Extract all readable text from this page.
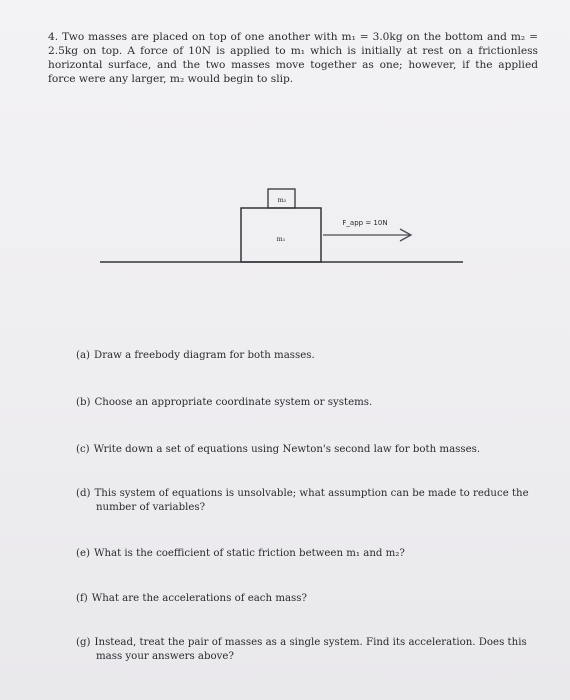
4. Two masses are placed on top of one another with m₁ = 3.0kg on the bottom and m₂ = 2.5kg on top. A force of 10N is applied to m₁ which is initially at rest on a frictionless horizontal surface, and the two masses move together as one; however, if the applied force were any larger, m₂ would begin to slip.
m₂
m₁
F_app = 10N
(a) Draw a freebody diagram for both masses.
(b) Choose an appropriate coordinate system or systems.
(c) Write down a set of equations using Newton's second law for both masses.
(d) This system of equations is unsolvable; what assumption can be made to reduce the
number of variables?
(e) What is the coefficient of static friction between m₁ and m₂?
(f) What are the accelerations of each mass?
(g) Instead, treat the pair of masses as a single system. Find its acceleration. Does this
mass your answers above?
